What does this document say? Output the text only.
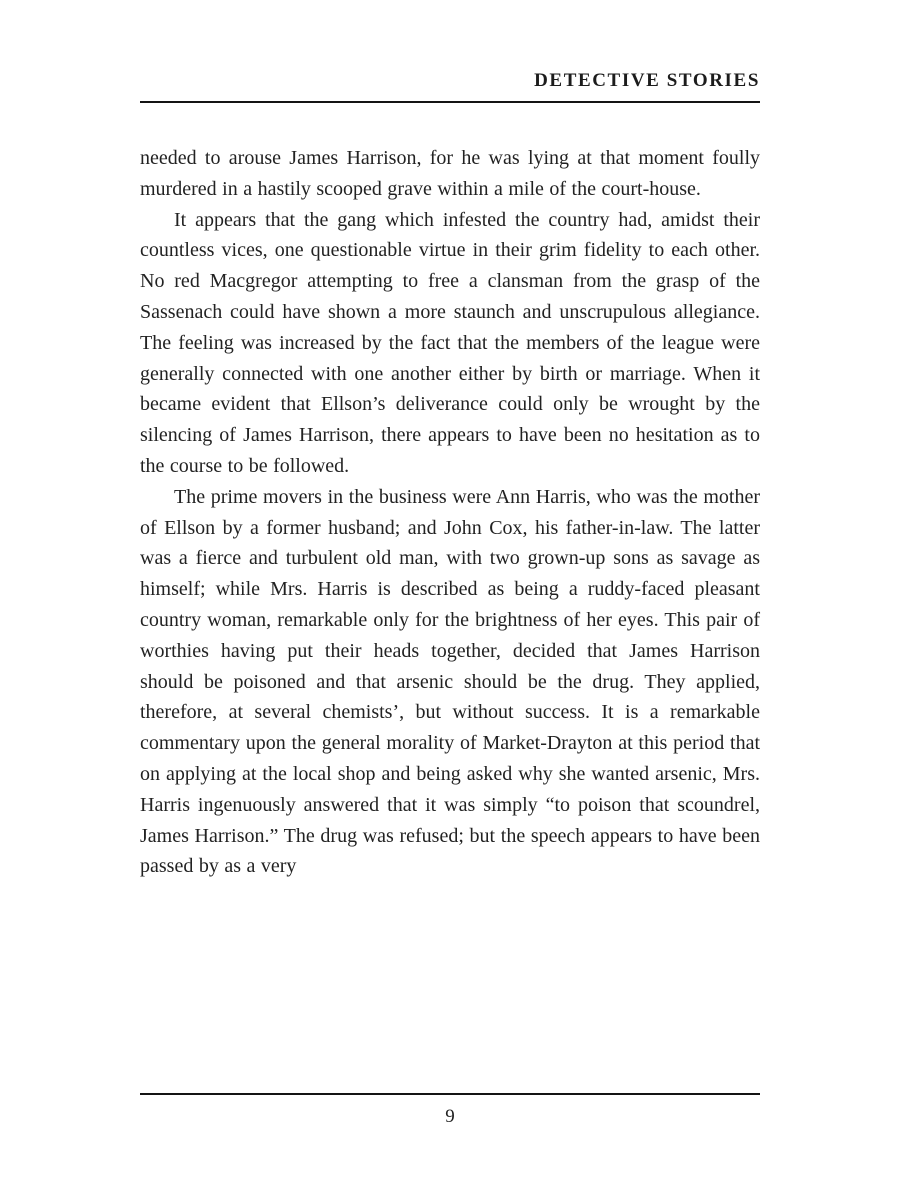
DETECTIVE STORIES

needed to arouse James Harrison, for he was lying at that moment foully murdered in a hastily scooped grave within a mile of the court-house.

It appears that the gang which infested the country had, amidst their countless vices, one questionable virtue in their grim fidelity to each other. No red Macgregor attempting to free a clansman from the grasp of the Sassenach could have shown a more staunch and unscrupulous allegiance. The feeling was increased by the fact that the members of the league were generally connected with one another either by birth or marriage. When it became evident that Ellson’s deliverance could only be wrought by the silencing of James Harrison, there appears to have been no hesitation as to the course to be followed.

The prime movers in the business were Ann Harris, who was the mother of Ellson by a former husband; and John Cox, his father-in-law. The latter was a fierce and turbulent old man, with two grown-up sons as savage as himself; while Mrs. Harris is described as being a ruddy-faced pleasant country woman, remarkable only for the brightness of her eyes. This pair of worthies having put their heads together, decided that James Harrison should be poisoned and that arsenic should be the drug. They applied, therefore, at several chemists’, but without success. It is a remarkable commentary upon the general morality of Market-Drayton at this period that on applying at the local shop and being asked why she wanted arsenic, Mrs. Harris ingenuously answered that it was simply “to poison that scoundrel, James Harrison.” The drug was refused; but the speech appears to have been passed by as a very

9
